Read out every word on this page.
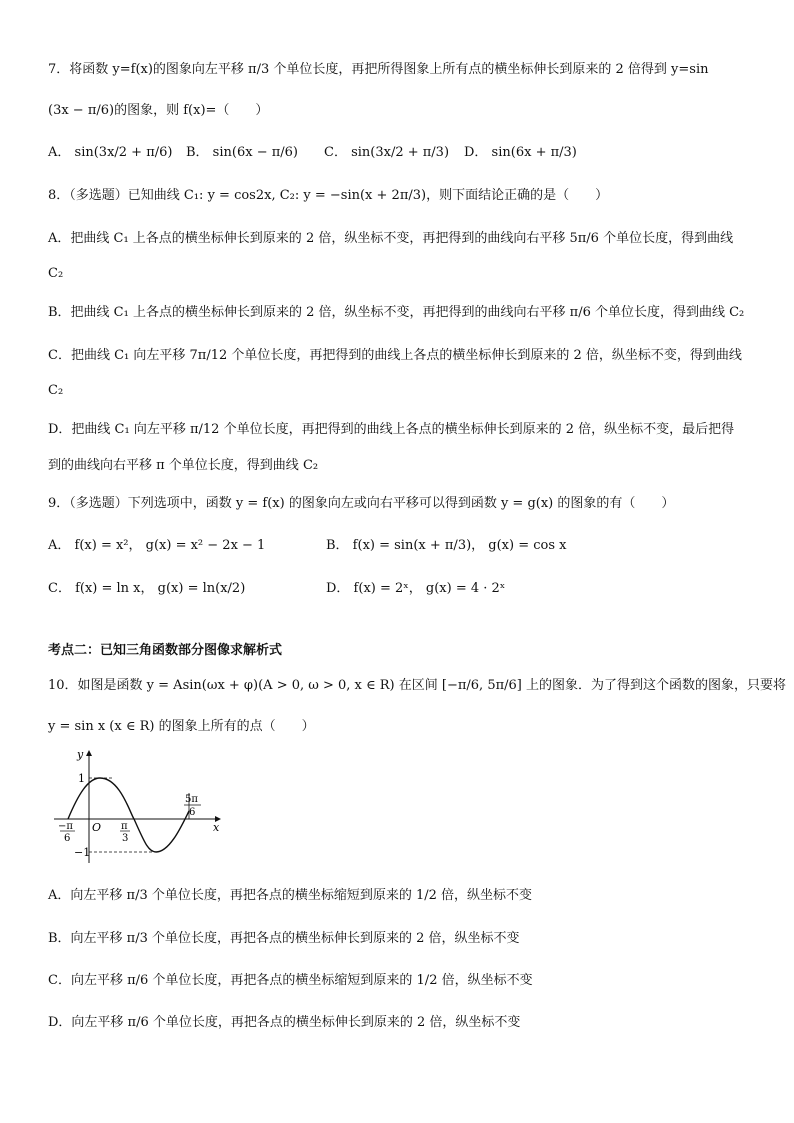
7．将函数 y=f(x)的图象向左平移 π/3 个单位长度，再把所得图象上所有点的横坐标伸长到原来的 2 倍得到 y=sin
(3x − π/6)的图象，则 f(x)=（　　）
A． sin(3x/2 + π/6) B． sin(6x − π/6) C． sin(3x/2 + π/3) D． sin(6x + π/3)
8．（多选题）已知曲线 C₁: y = cos2x, C₂: y = −sin(x + 2π/3)，则下面结论正确的是（　　）
A．把曲线 C₁ 上各点的横坐标伸长到原来的 2 倍，纵坐标不变，再把得到的曲线向右平移 5π/6 个单位长度，得到曲线
C₂
B．把曲线 C₁ 上各点的横坐标伸长到原来的 2 倍，纵坐标不变，再把得到的曲线向右平移 π/6 个单位长度，得到曲线 C₂
C．把曲线 C₁ 向左平移 7π/12 个单位长度，再把得到的曲线上各点的横坐标伸长到原来的 2 倍，纵坐标不变，得到曲线
C₂
D．把曲线 C₁ 向左平移 π/12 个单位长度，再把得到的曲线上各点的横坐标伸长到原来的 2 倍，纵坐标不变，最后把得
到的曲线向右平移 π 个单位长度，得到曲线 C₂
9．（多选题）下列选项中，函数 y = f(x) 的图象向左或向右平移可以得到函数 y = g(x) 的图象的有（　　）
A． f(x) = x²， g(x) = x² − 2x − 1	B． f(x) = sin(x + π/3)， g(x) = cos x
C． f(x) = ln x， g(x) = ln(x/2)	D． f(x) = 2ˣ， g(x) = 4 · 2ˣ
考点二：已知三角函数部分图像求解析式
10．如图是函数 y = Asin(ωx + φ)(A > 0, ω > 0, x ∈ R) 在区间 [−π/6, 5π/6] 上的图象．为了得到这个函数的图象，只要将
y = sin x (x ∈ R) 的图象上所有的点（　　）
y
x
O
1
−1
−π
6
π
3
5π
6
A．向左平移 π/3 个单位长度，再把各点的横坐标缩短到原来的 1/2 倍，纵坐标不变
B．向左平移 π/3 个单位长度，再把各点的横坐标伸长到原来的 2 倍，纵坐标不变
C．向左平移 π/6 个单位长度，再把各点的横坐标缩短到原来的 1/2 倍，纵坐标不变
D．向左平移 π/6 个单位长度，再把各点的横坐标伸长到原来的 2 倍，纵坐标不变
